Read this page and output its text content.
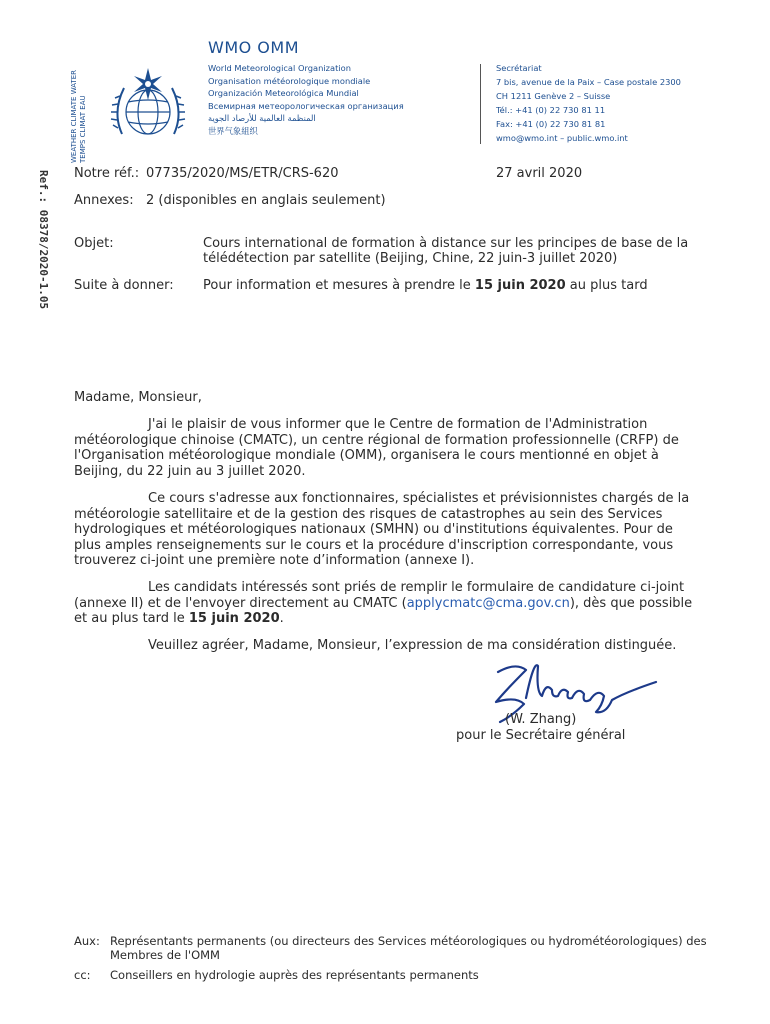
WEATHER CLIMATE WATER TEMPS CLIMAT EAU
WMO OMM
World Meteorological Organization
Organisation météorologique mondiale
Organización Meteorológica Mundial
Всемирная метеорологическая организация
المنظمة العالمية للأرصاد الجوية
世界气象組织
Secrétariat
7 bis, avenue de la Paix – Case postale 2300
CH 1211 Genève 2 – Suisse
Tél.: +41 (0) 22 730 81 11
Fax: +41 (0) 22 730 81 81
wmo@wmo.int – public.wmo.int
Ref.: 08378/2020-1.05 Notre réf.: 07735/2020/MS/ETR/CRS-620	27 avril 2020
Annexes: 2 (disponibles en anglais seulement)
Objet:	Cours international de formation à distance sur les principes de base de la télédétection par satellite (Beijing, Chine, 22 juin-3 juillet 2020)
Suite à donner: Pour information et mesures à prendre le 15 juin 2020 au plus tard
Madame, Monsieur,
J'ai le plaisir de vous informer que le Centre de formation de l'Administration météorologique chinoise (CMATC), un centre régional de formation professionnelle (CRFP) de l'Organisation météorologique mondiale (OMM), organisera le cours mentionné en objet à Beijing, du 22 juin au 3 juillet 2020.
Ce cours s'adresse aux fonctionnaires, spécialistes et prévisionnistes chargés de la météorologie satellitaire et de la gestion des risques de catastrophes au sein des Services hydrologiques et météorologiques nationaux (SMHN) ou d'institutions équivalentes. Pour de plus amples renseignements sur le cours et la procédure d'inscription correspondante, vous trouverez ci-joint une première note d’information (annexe I).
Les candidats intéressés sont priés de remplir le formulaire de candidature ci-joint (annexe II) et de l'envoyer directement au CMATC (applycmatc@cma.gov.cn), dès que possible et au plus tard le 15 juin 2020.
Veuillez agréer, Madame, Monsieur, l’expression de ma considération distinguée.
(W. Zhang)
pour le Secrétaire général
Aux: Représentants permanents (ou directeurs des Services météorologiques ou hydrométéorologiques) des Membres de l'OMM
cc: Conseillers en hydrologie auprès des représentants permanents
